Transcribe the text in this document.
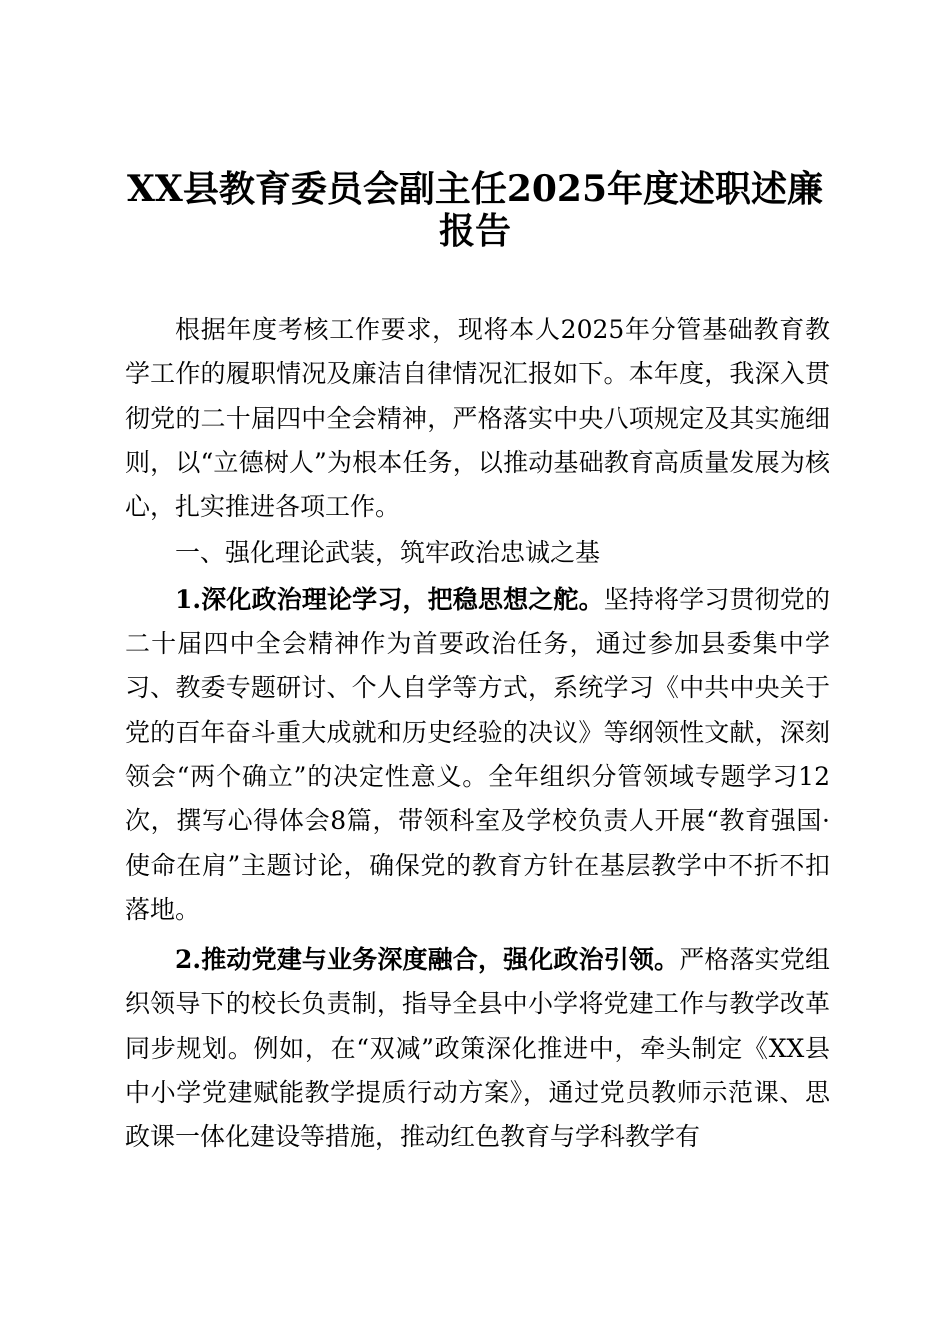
XX县教育委员会副主任2025年度述职述廉报告

根据年度考核工作要求，现将本人2025年分管基础教育教学工作的履职情况及廉洁自律情况汇报如下。本年度，我深入贯彻党的二十届四中全会精神，严格落实中央八项规定及其实施细则，以“立德树人”为根本任务，以推动基础教育高质量发展为核心，扎实推进各项工作。

一、强化理论武装，筑牢政治忠诚之基

1.深化政治理论学习，把稳思想之舵。坚持将学习贯彻党的二十届四中全会精神作为首要政治任务，通过参加县委集中学习、教委专题研讨、个人自学等方式，系统学习《中共中央关于党的百年奋斗重大成就和历史经验的决议》等纲领性文献，深刻领会“两个确立”的决定性意义。全年组织分管领域专题学习12次，撰写心得体会8篇，带领科室及学校负责人开展“教育强国·使命在肩”主题讨论，确保党的教育方针在基层教学中不折不扣落地。

2.推动党建与业务深度融合，强化政治引领。严格落实党组织领导下的校长负责制，指导全县中小学将党建工作与教学改革同步规划。例如，在“双减”政策深化推进中，牵头制定《XX县中小学党建赋能教学提质行动方案》，通过党员教师示范课、思政课一体化建设等措施，推动红色教育与学科教学有
